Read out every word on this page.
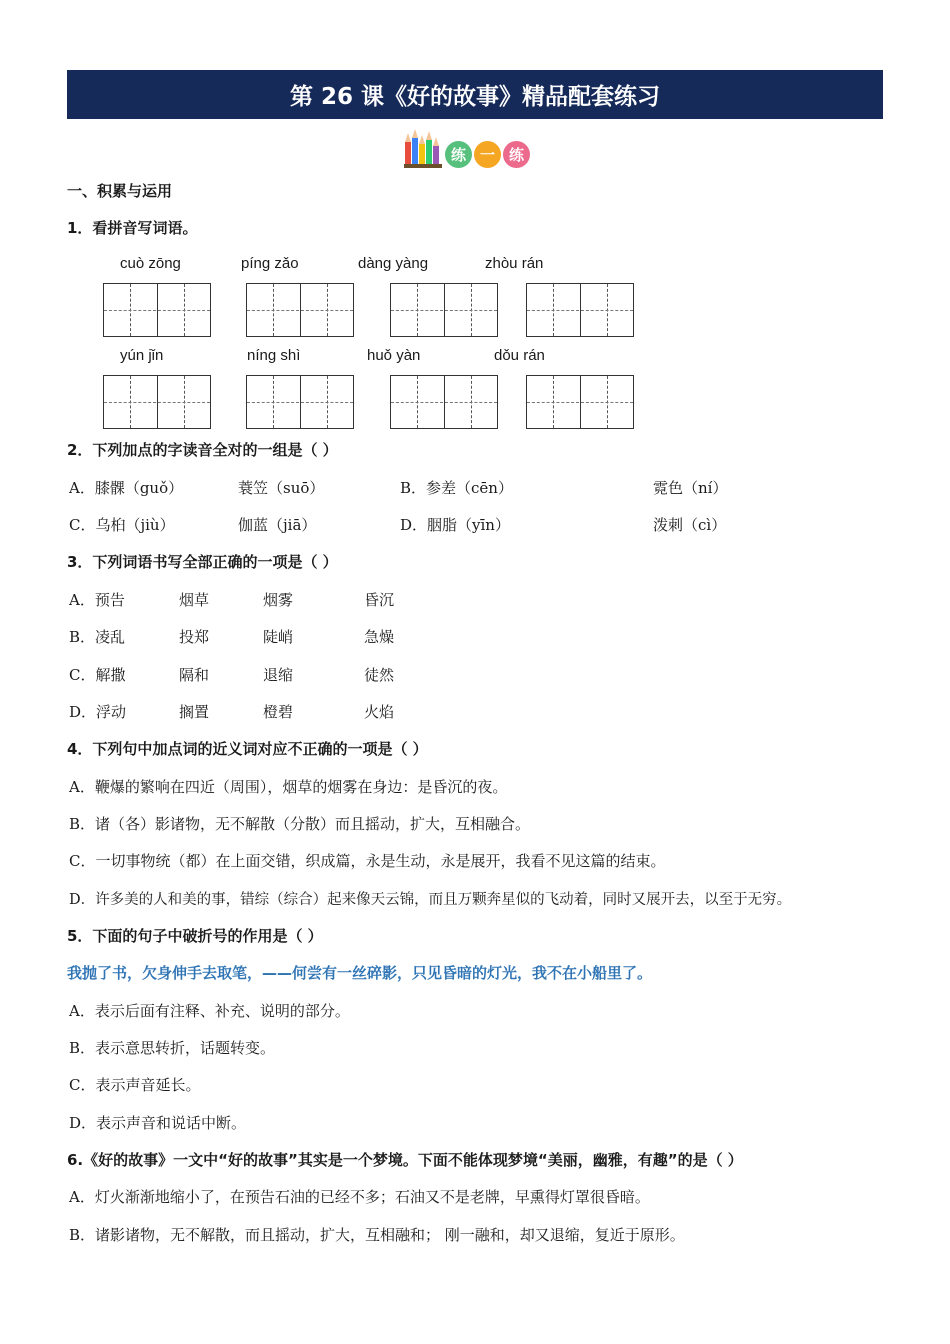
第 26 课《好的故事》精品配套练习
练 一 练
一、积累与运用
1．看拼音写词语。
cuò zōng	píng zǎo	dàng yàng	zhòu rán
yún jǐn	níng shì	huǒ yàn	dǒu rán
2．下列加点的字读音全对的一组是（ ）
A．膝髁（guǒ）	蓑笠（suō）	B．参差（cēn）	霓色（ní）
C．乌桕（jiù）	伽蓝（jiā）	D．胭脂（yīn）	泼刺（cì）
3．下列词语书写全部正确的一项是（ ）
A．预告	烟草	烟雾	昏沉
B．凌乱	投郑	陡峭	急燥
C．解撒	隔和	退缩	徒然
D．浮动	搁置	橙碧	火焰
4．下列句中加点词的近义词对应不正确的一项是（ ）
A．鞭爆的繁响在四近（周围），烟草的烟雾在身边：是昏沉的夜。
B．诸（各）影诸物，无不解散（分散）而且摇动，扩大，互相融合。
C．一切事物统（都）在上面交错，织成篇，永是生动，永是展开，我看不见这篇的结束。
D．许多美的人和美的事，错综（综合）起来像天云锦，而且万颗奔星似的飞动着，同时又展开去，以至于无穷。
5．下面的句子中破折号的作用是（ ）
我抛了书，欠身伸手去取笔，——何尝有一丝碎影，只见昏暗的灯光，我不在小船里了。
A．表示后面有注释、补充、说明的部分。
B．表示意思转折，话题转变。
C．表示声音延长。
D．表示声音和说话中断。
6.《好的故事》一文中“好的故事”其实是一个梦境。下面不能体现梦境“美丽，幽雅，有趣”的是（ ）
A．灯火渐渐地缩小了，在预告石油的已经不多；石油又不是老牌，早熏得灯罩很昏暗。
B．诸影诸物，无不解散，而且摇动，扩大，互相融和； 刚一融和，却又退缩，复近于原形。
